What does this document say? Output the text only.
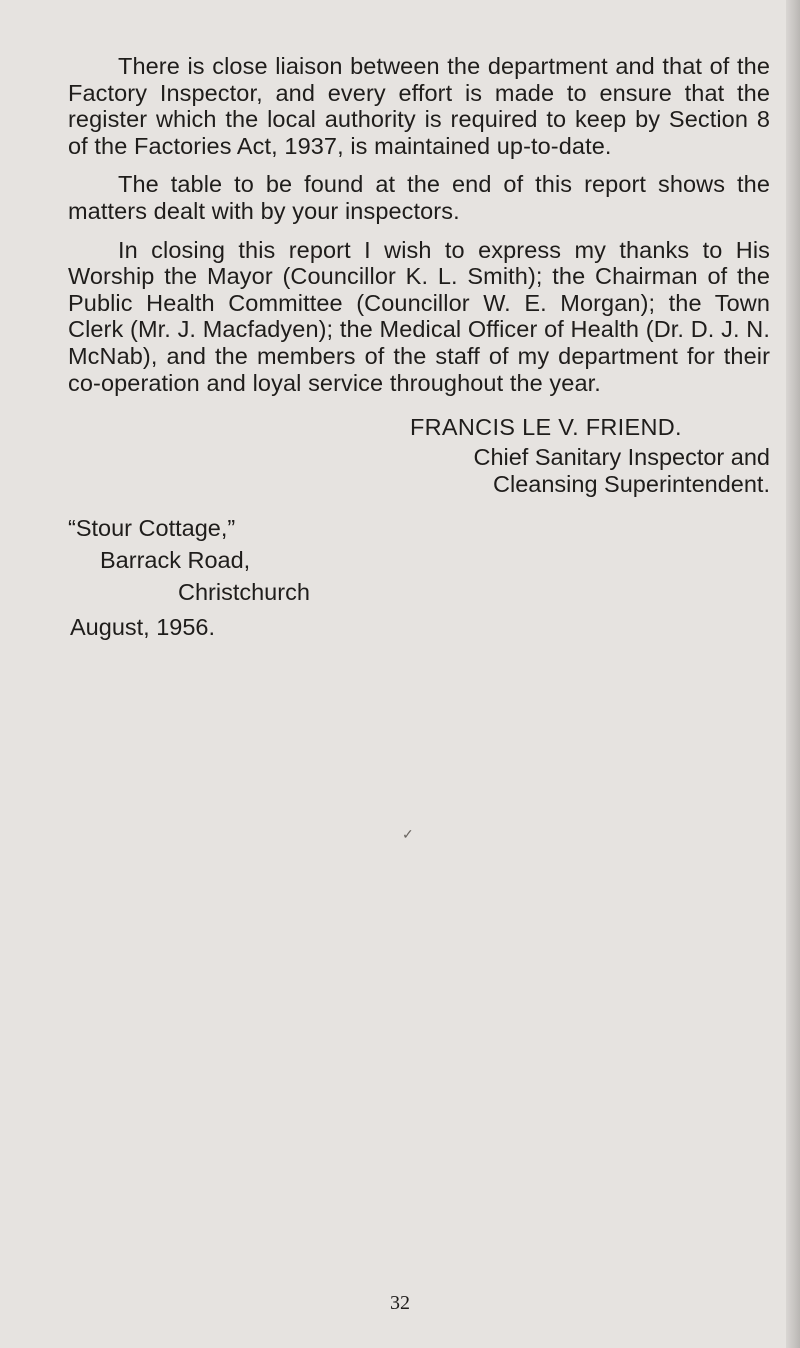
There is close liaison between the department and that of the Factory Inspector, and every effort is made to ensure that the register which the local authority is required to keep by Section 8 of the Factories Act, 1937, is maintained up-to-date.

The table to be found at the end of this report shows the matters dealt with by your inspectors.

In closing this report I wish to express my thanks to His Worship the Mayor (Councillor K. L. Smith); the Chairman of the Public Health Committee (Councillor W. E. Morgan); the Town Clerk (Mr. J. Macfadyen); the Medical Officer of Health (Dr. D. J. N. McNab), and the members of the staff of my department for their co-operation and loyal service throughout the year.

FRANCIS LE V. FRIEND.

Chief Sanitary Inspector and

Cleansing Superintendent.

“Stour Cottage,”
Barrack Road,
Christchurch
August, 1956.
✓
32
